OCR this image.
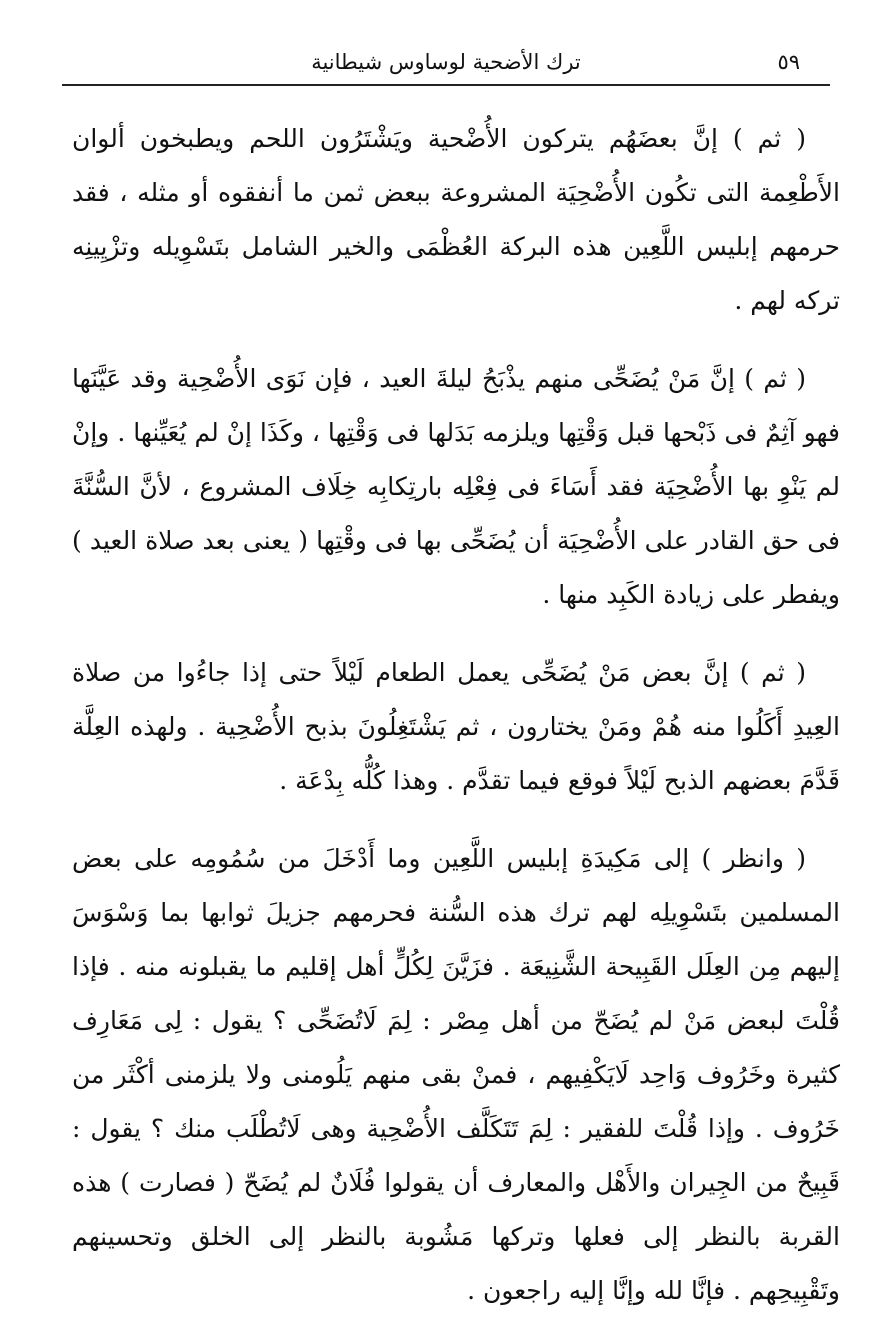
ترك الأضحية لوساوس شيطانية	٥٩

( ثم ) إنَّ بعضَهُم يتركون الأُضْحية ويَشْتَرُون اللحم ويطبخون ألوان الأَطْعِمة التى تكُون الأُضْحِيَة المشروعة ببعض ثمن ما أنفقوه أو مثله ، فقد حرمهم إبليس اللَّعِين هذه البركة العُظْمَى والخير الشامل بتَسْوِيله وتزْيِينِه تركه لهم .

( ثم ) إنَّ مَنْ يُضَحِّى منهم يذْبَحُ ليلةَ العيد ، فإن نَوَى الأُضْحِية وقد عَيَّنَها فهو آثِمٌ فى ذَبْحها قبل وَقْتِها ويلزمه بَدَلها فى وَقْتِها ، وكَذَا إنْ لم يُعَيِّنها . وإنْ لم يَنْوِ بها الأُضْحِيَة فقد أَسَاءَ فى فِعْلِه بارتِكابِه خِلَاف المشروع ، لأنَّ السُّنَّةَ فى حق القادر على الأُضْحِيَة أن يُضَحِّى بها فى وقْتِها ( يعنى بعد صلاة العيد ) ويفطر على زيادة الكَبِد منها .

( ثم ) إنَّ بعض مَنْ يُضَحِّى يعمل الطعام لَيْلاً حتى إذا جاءُوا من صلاة العِيدِ أَكَلُوا منه هُمْ ومَنْ يختارون ، ثم يَشْتَغِلُونَ بذبح الأُضْحِية . ولهذه العِلَّة قَدَّمَ بعضهم الذبح لَيْلاً فوقع فيما تقدَّم . وهذا كُلُّه بِدْعَة .

( وانظر ) إلى مَكِيدَةِ إبليس اللَّعِين وما أَدْخَلَ من سُمُومِه على بعض المسلمين بتَسْوِيلِه لهم ترك هذه السُّنة فحرمهم جزيلَ ثوابها بما وَسْوَسَ إليهم مِن العِلَل القَبِيحة الشَّنِيعَة . فزَيَّنَ لِكُلٍّ أهل إقليم ما يقبلونه منه . فإذا قُلْتَ لبعض مَنْ لم يُضَحّ من أهل مِصْر : لِمَ لَاتُضَحِّى ؟ يقول : لِى مَعَارِف كثيرة وخَرُوف وَاحِد لَايَكْفِيهم ، فمنْ بقى منهم يَلُومنى ولا يلزمنى أكْثَر من خَرُوف . وإذا قُلْتَ للفقير : لِمَ تَتَكَلَّف الأُضْحِية وهى لَاتُطْلَب منك ؟ يقول : قَبِيحٌ من الجِيران والأَهْل والمعارف أن يقولوا فُلَانٌ لم يُضَحّ ( فصارت ) هذه القربة بالنظر إلى فعلها وتركها مَشُوبة بالنظر إلى الخلق وتحسينهم وتَقْبِيحِهم . فإنَّا لله وإنَّا إليه راجعون .
